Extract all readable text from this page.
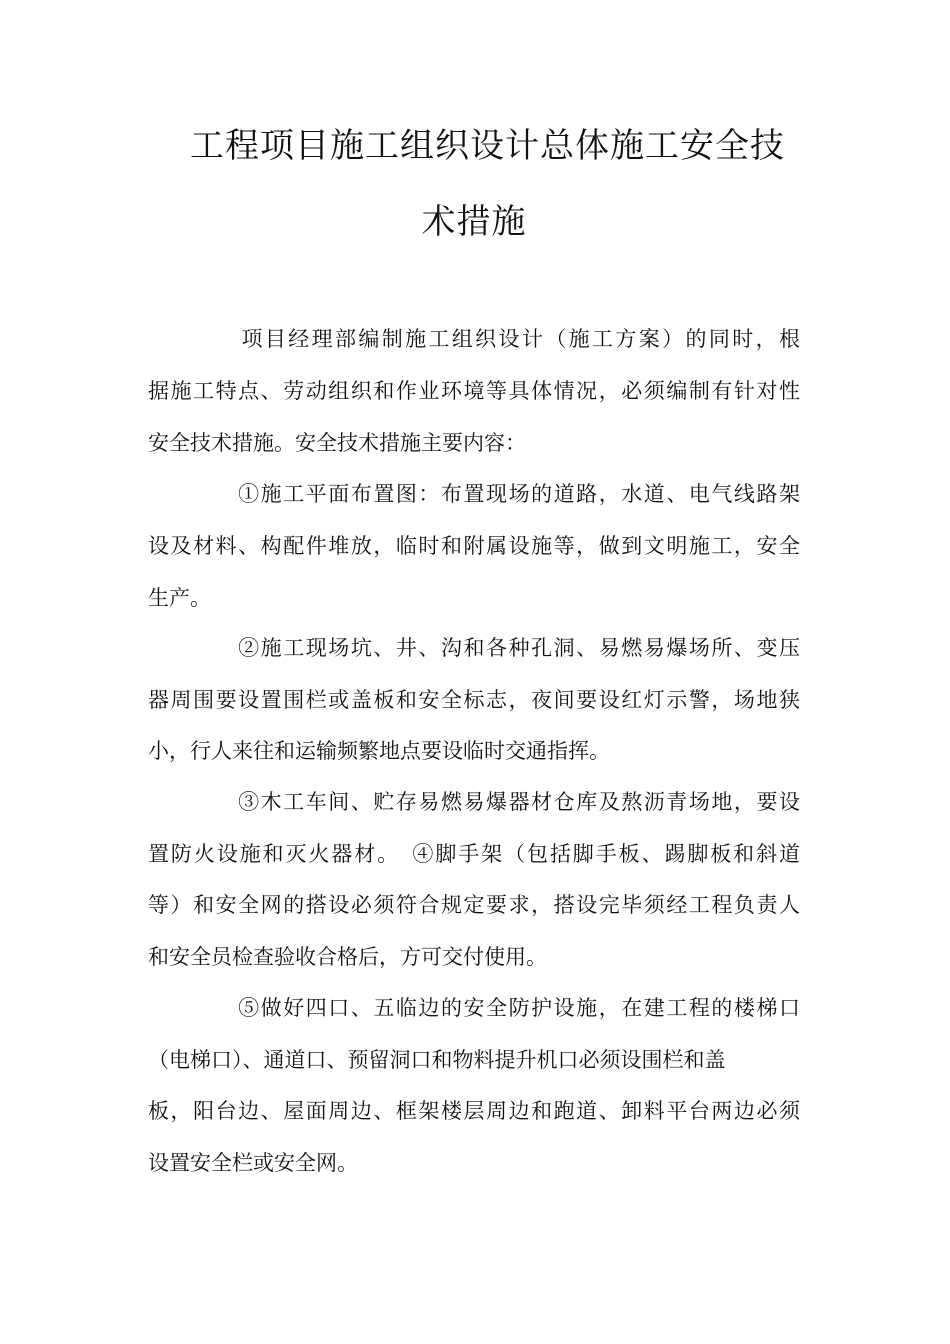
工程项目施工组织设计总体施工安全技
术措施
　　　　项目经理部编制施工组织设计（施工方案）的同时，根
据施工特点、劳动组织和作业环境等具体情况，必须编制有针对性
安全技术措施。安全技术措施主要内容：
　　　　①施工平面布置图：布置现场的道路，水道、电气线路架
设及材料、构配件堆放，临时和附属设施等，做到文明施工，安全
生产。
　　　　②施工现场坑、井、沟和各种孔洞、易燃易爆场所、变压
器周围要设置围栏或盖板和安全标志，夜间要设红灯示警，场地狭
小，行人来往和运输频繁地点要设临时交通指挥。
　　　　③木工车间、贮存易燃易爆器材仓库及熬沥青场地，要设
置防火设施和灭火器材。　④脚手架（包括脚手板、踢脚板和斜道
等）和安全网的搭设必须符合规定要求，搭设完毕须经工程负责人
和安全员检查验收合格后，方可交付使用。
　　　　⑤做好四口、五临边的安全防护设施，在建工程的楼梯口
（电梯口）、通道口、预留洞口和物料提升机口必须设围栏和盖
板，阳台边、屋面周边、框架楼层周边和跑道、卸料平台两边必须
设置安全栏或安全网。
